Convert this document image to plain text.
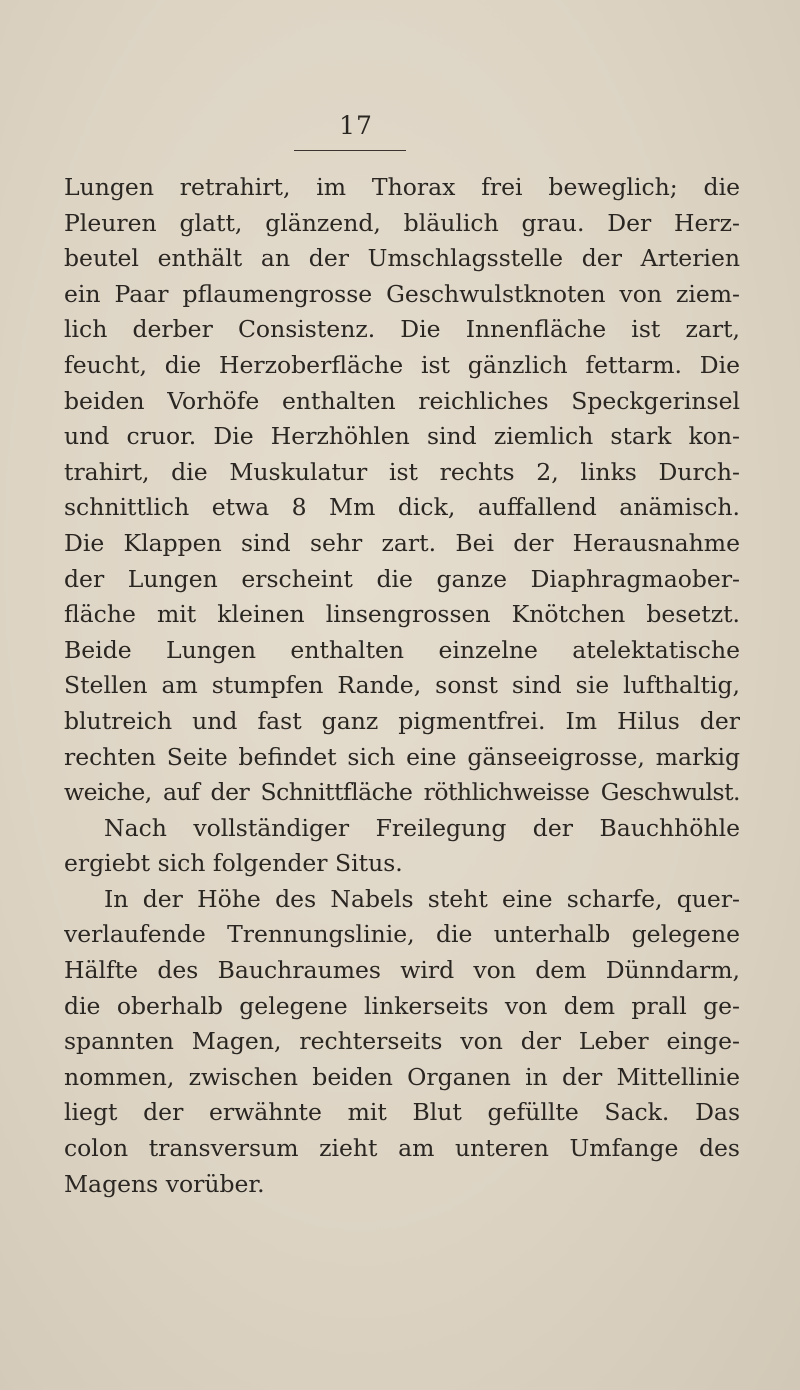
17
Lungen retrahirt, im Thorax frei beweglich; die
Pleuren glatt, glänzend, bläulich grau. Der Herz-
beutel enthält an der Umschlagsstelle der Arterien
ein Paar pflaumengrosse Geschwulstknoten von ziem-
lich derber Consistenz. Die Innenfläche ist zart,
feucht, die Herzoberfläche ist gänzlich fettarm. Die
beiden Vorhöfe enthalten reichliches Speckgerinsel
und cruor. Die Herzhöhlen sind ziemlich stark kon-
trahirt, die Muskulatur ist rechts 2, links Durch-
schnittlich etwa 8 Mm dick, auffallend anämisch.
Die Klappen sind sehr zart. Bei der Herausnahme
der Lungen erscheint die ganze Diaphragmaober-
fläche mit kleinen linsengrossen Knötchen besetzt.
Beide Lungen enthalten einzelne atelektatische
Stellen am stumpfen Rande, sonst sind sie lufthaltig,
blutreich und fast ganz pigmentfrei. Im Hilus der
rechten Seite befindet sich eine gänseeigrosse, markig
weiche, auf der Schnittfläche röthlichweisse Geschwulst.
Nach vollständiger Freilegung der Bauchhöhle
ergiebt sich folgender Situs.
In der Höhe des Nabels steht eine scharfe, quer-
verlaufende Trennungslinie, die unterhalb gelegene
Hälfte des Bauchraumes wird von dem Dünndarm,
die oberhalb gelegene linkerseits von dem prall ge-
spannten Magen, rechterseits von der Leber einge-
nommen, zwischen beiden Organen in der Mittellinie
liegt der erwähnte mit Blut gefüllte Sack. Das
colon transversum zieht am unteren Umfange des
Magens vorüber.
